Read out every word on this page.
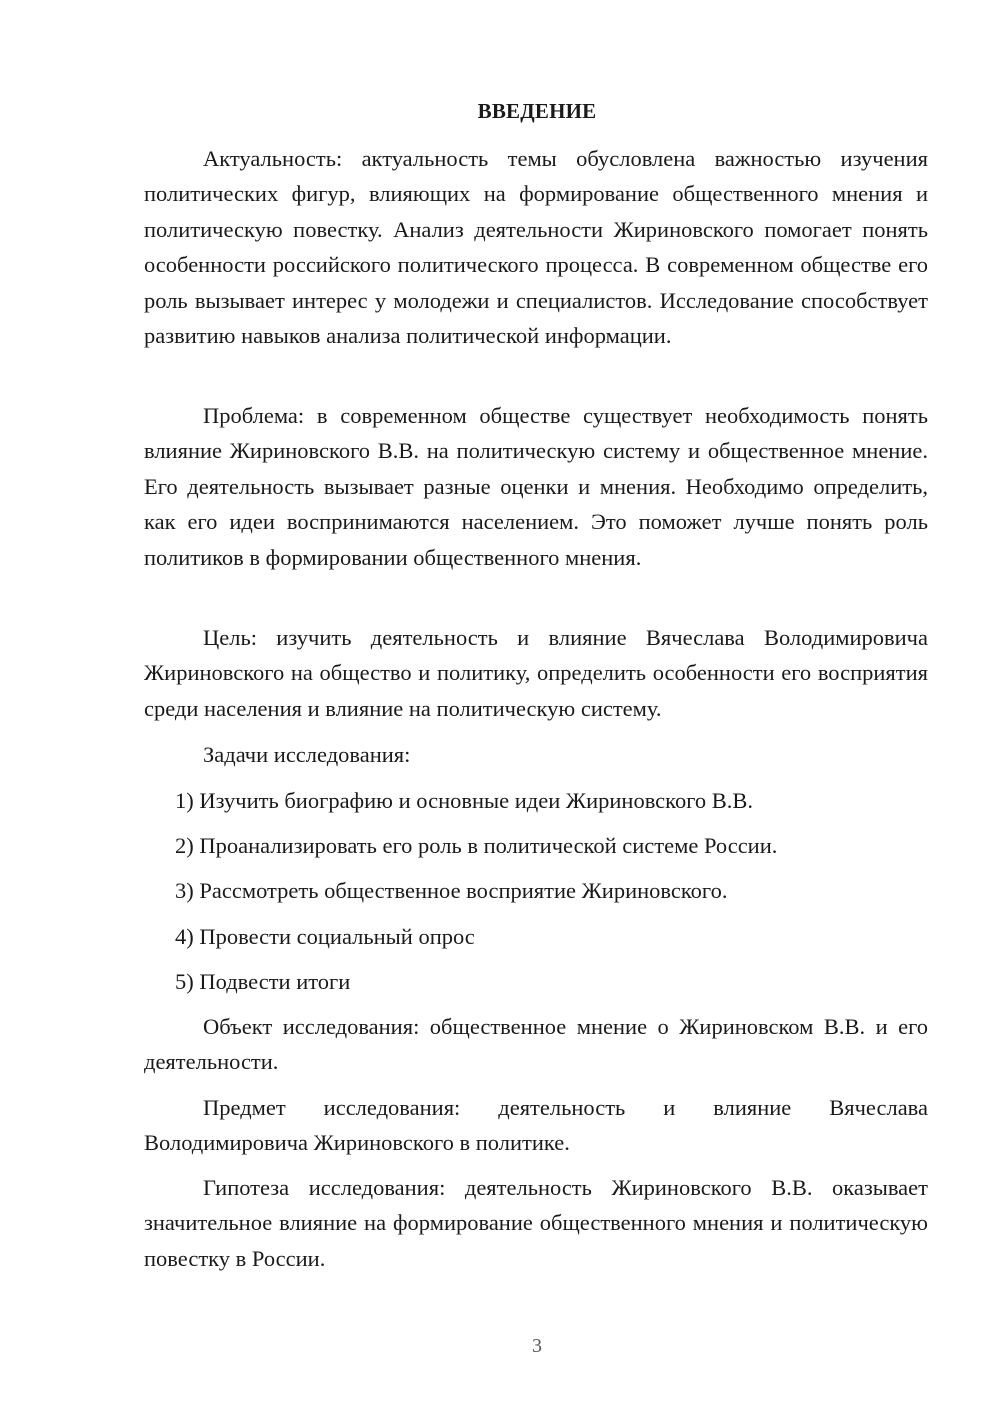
ВВЕДЕНИЕ

Актуальность: актуальность темы обусловлена важностью изучения политических фигур, влияющих на формирование общественного мнения и политическую повестку. Анализ деятельности Жириновского помогает понять особенности российского политического процесса. В современном обществе его роль вызывает интерес у молодежи и специалистов. Исследование способствует развитию навыков анализа политической информации.

Проблема: в современном обществе существует необходимость понять влияние Жириновского В.В. на политическую систему и общественное мнение. Его деятельность вызывает разные оценки и мнения. Необходимо определить, как его идеи воспринимаются населением. Это поможет лучше понять роль политиков в формировании общественного мнения.

Цель: изучить деятельность и влияние Вячеслава Володимировича Жириновского на общество и политику, определить особенности его восприятия среди населения и влияние на политическую систему.

Задачи исследования:

1) Изучить биографию и основные идеи Жириновского В.В.

2) Проанализировать его роль в политической системе России.

3) Рассмотреть общественное восприятие Жириновского.

4) Провести социальный опрос

5) Подвести итоги

Объект исследования: общественное мнение о Жириновском В.В. и его деятельности.

Предмет исследования: деятельность и влияние Вячеслава Володимировича Жириновского в политике.

Гипотеза исследования: деятельность Жириновского В.В. оказывает значительное влияние на формирование общественного мнения и политическую повестку в России.

3
